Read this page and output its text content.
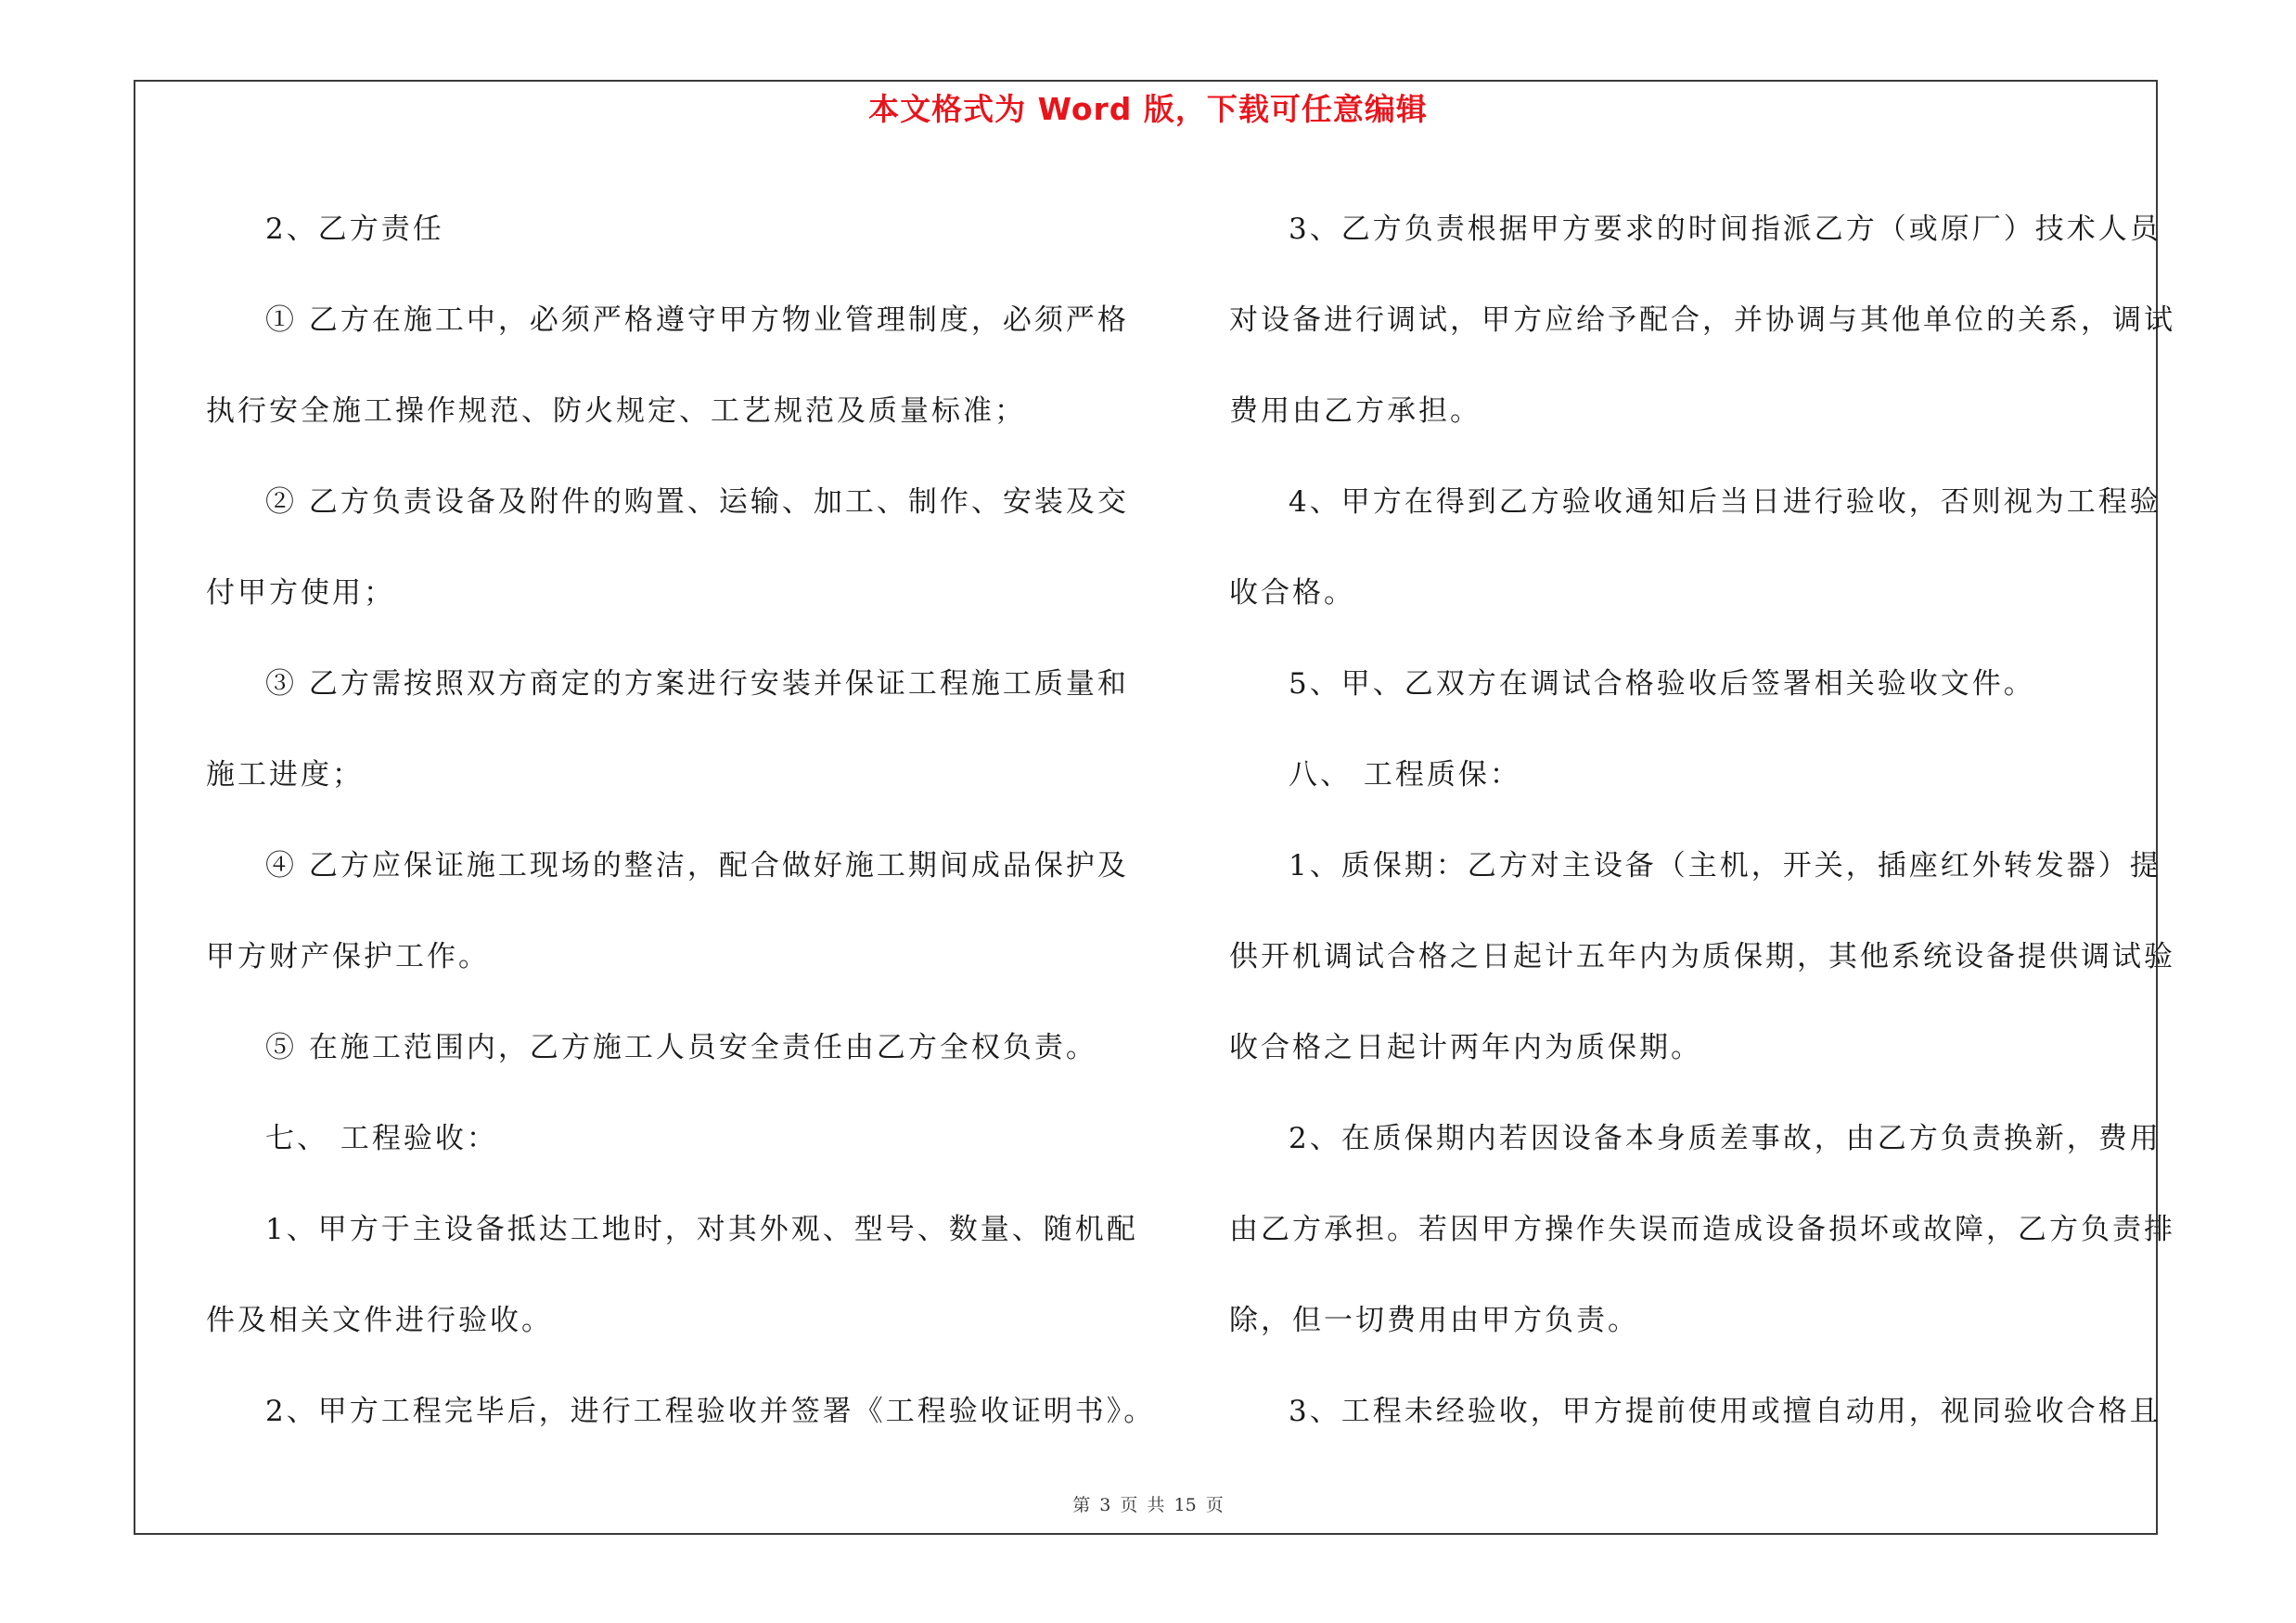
本文格式为 Word 版，下载可任意编辑
2、乙方责任
① 乙方在施工中，必须严格遵守甲方物业管理制度，必须严格
执行安全施工操作规范、防火规定、工艺规范及质量标准；
② 乙方负责设备及附件的购置、运输、加工、制作、安装及交
付甲方使用；
③ 乙方需按照双方商定的方案进行安装并保证工程施工质量和
施工进度；
④ 乙方应保证施工现场的整洁，配合做好施工期间成品保护及
甲方财产保护工作。
⑤ 在施工范围内，乙方施工人员安全责任由乙方全权负责。
七、 工程验收：
1、甲方于主设备抵达工地时，对其外观、型号、数量、随机配
件及相关文件进行验收。
2、甲方工程完毕后，进行工程验收并签署《工程验收证明书》。
3、乙方负责根据甲方要求的时间指派乙方（或原厂）技术人员
对设备进行调试，甲方应给予配合，并协调与其他单位的关系，调试
费用由乙方承担。
4、甲方在得到乙方验收通知后当日进行验收，否则视为工程验
收合格。
5、甲、乙双方在调试合格验收后签署相关验收文件。
八、 工程质保：
1、质保期：乙方对主设备（主机，开关，插座红外转发器）提
供开机调试合格之日起计五年内为质保期，其他系统设备提供调试验
收合格之日起计两年内为质保期。
2、在质保期内若因设备本身质差事故，由乙方负责换新，费用
由乙方承担。若因甲方操作失误而造成设备损坏或故障，乙方负责排
除，但一切费用由甲方负责。
3、工程未经验收，甲方提前使用或擅自动用，视同验收合格且
第 3 页 共 15 页
